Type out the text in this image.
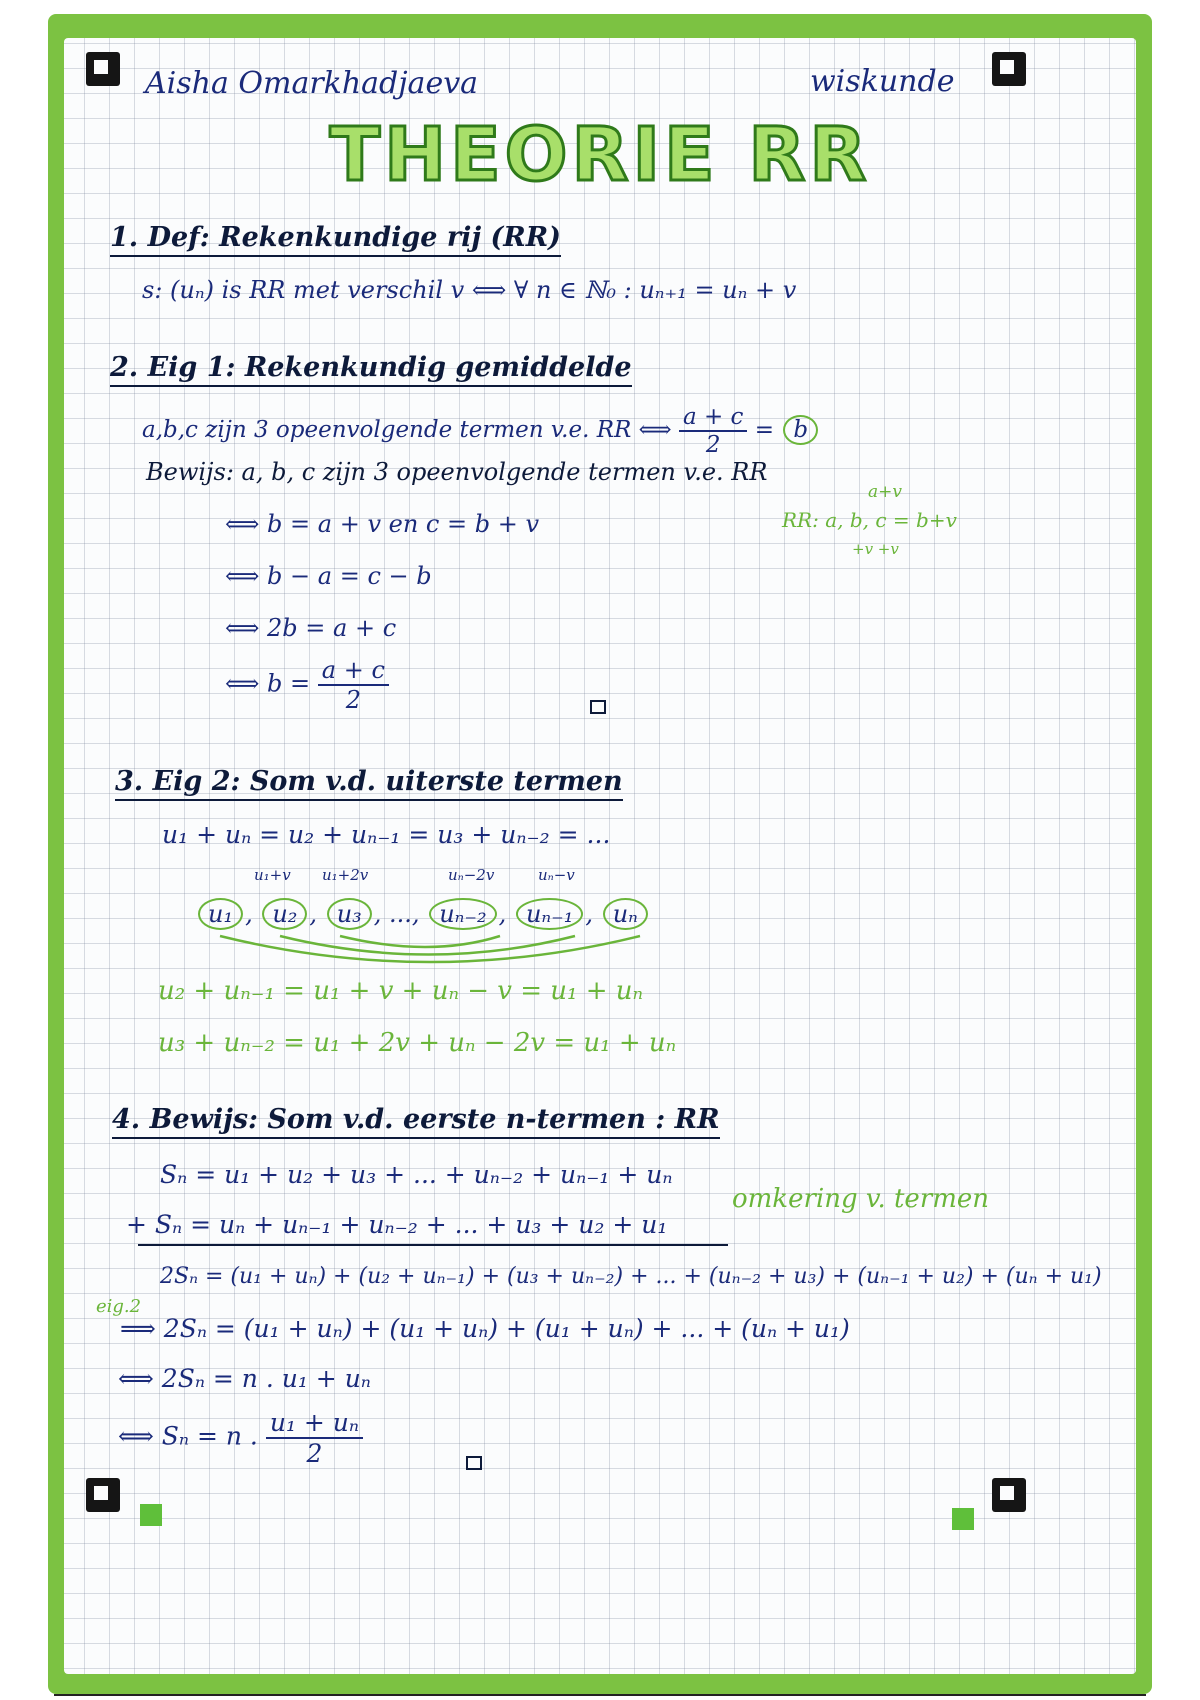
Aisha Omarkhadjaeva	wiskunde
THEORIE RR
1. Def: Rekenkundige rij (RR)
s: (uₙ) is RR met verschil v ⟺ ∀ n ∈ ℕ₀ : uₙ₊₁ = uₙ + v
2. Eig 1: Rekenkundig gemiddelde
a,b,c zijn 3 opeenvolgende termen v.e. RR ⟺ $\frac{a + c}{2} = b$
Bewijs: a, b, c zijn 3 opeenvolgende termen v.e. RR
⟺ b = a + v en c = b + v
⟺ b − a = c − b
⟺ 2b = a + c
⟺ $b = \frac{a + c}{2}$
a+v
RR: a, b, c = b+v
+v +v
3. Eig 2: Som v.d. uiterste termen
u₁ + uₙ = u₂ + uₙ₋₁ = u₃ + uₙ₋₂ = ...
u₁+v u₁+2v	uₙ−2v	uₙ−v
u₁ , u₂ , u₃ , ..., uₙ₋₂ , uₙ₋₁ , uₙ
u₂ + uₙ₋₁ = u₁ + v + uₙ − v = u₁ + uₙ
u₃ + uₙ₋₂ = u₁ + 2v + uₙ − 2v = u₁ + uₙ
4. Bewijs: Som v.d. eerste n-termen : RR
Sₙ = u₁ + u₂ + u₃ + ... + uₙ₋₂ + uₙ₋₁ + uₙ
+ Sₙ = uₙ + uₙ₋₁ + uₙ₋₂ + ... + u₃ + u₂ + u₁
omkering v. termen
2Sₙ = (u₁ + uₙ) + (u₂ + uₙ₋₁) + (u₃ + uₙ₋₂) + ... + (uₙ₋₂ + u₃) + (uₙ₋₁ + u₂) + (uₙ + u₁)
eig.2
⟹ 2Sₙ = (u₁ + uₙ) + (u₁ + uₙ) + (u₁ + uₙ) + ... + (uₙ + u₁)
⟺ 2Sₙ = n . u₁ + uₙ
⟺ Sₙ = n . $\frac{\text{u₁ + uₙ}}{2}$
